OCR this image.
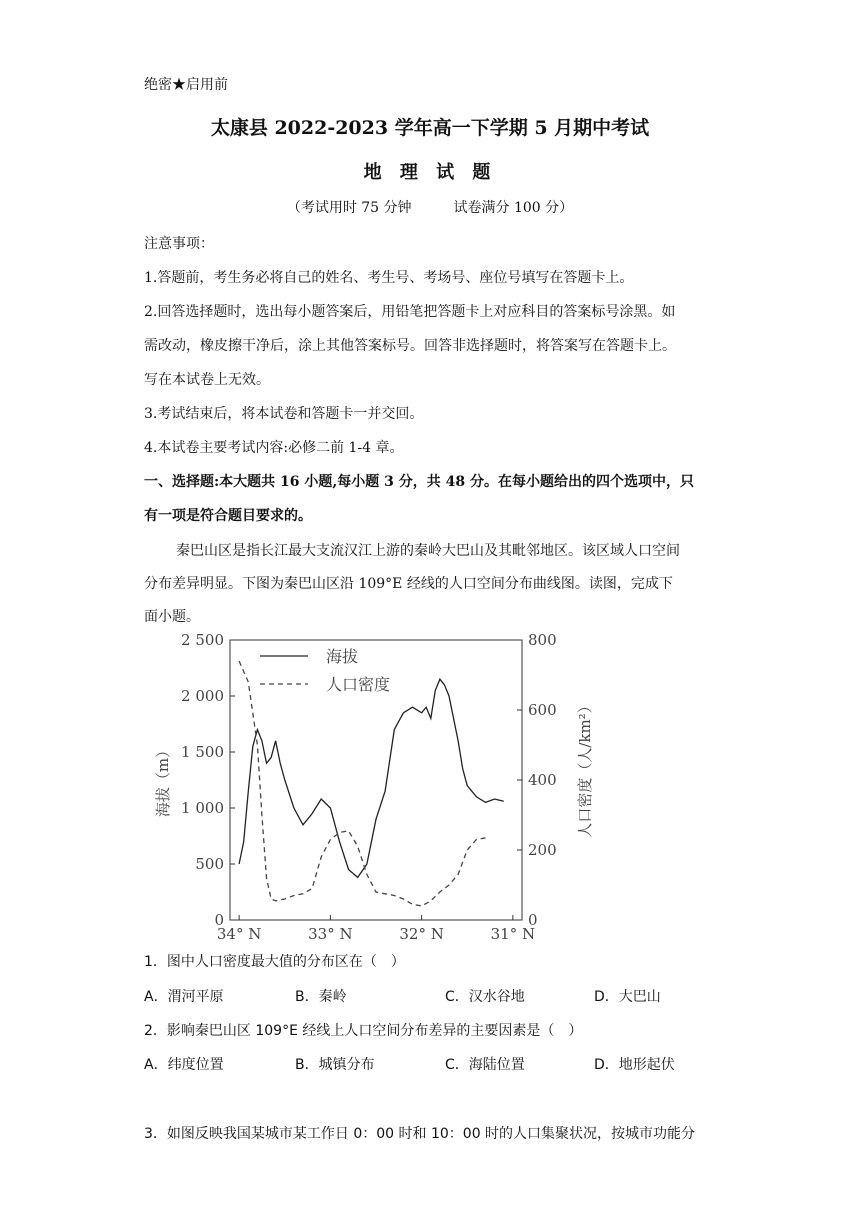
绝密★启用前
太康县 2022-2023 学年高一下学期 5 月期中考试
地 理 试 题
（考试用时 75 分钟　　　试卷满分 100 分）
注意事项：
1.答题前，考生务必将自己的姓名、考生号、考场号、座位号填写在答题卡上。
2.回答选择题时，选出每小题答案后，用铅笔把答题卡上对应科目的答案标号涂黑。如
需改动，橡皮擦干净后，涂上其他答案标号。回答非选择题时，将答案写在答题卡上。
写在本试卷上无效。
3.考试结束后，将本试卷和答题卡一并交回。
4.本试卷主要考试内容:必修二前 1-4 章。
一、选择题:本大题共 16 小题,每小题 3 分，共 48 分。在每小题给出的四个选项中，只
有一项是符合题目要求的。
秦巴山区是指长江最大支流汉江上游的秦岭大巴山及其毗邻地区。该区域人口空间
分布差异明显。下图为秦巴山区沿 109°E 经线的人口空间分布曲线图。读图，完成下
面小题。
2 500
2 000
1 500
1 000
500
0
800
600
400
200
0
34° N	33° N	32° N	31° N
海拔
人口密度
海拔（m）	人口密度（人/km²）
1．图中人口密度最大值的分布区在（　）
A．渭河平原	B．秦岭	C．汉水谷地	D．大巴山
2．影响秦巴山区 109°E 经线上人口空间分布差异的主要因素是（　）
A．纬度位置	B．城镇分布	C．海陆位置	D．地形起伏
3．如图反映我国某城市某工作日 0：00 时和 10：00 时的人口集聚状况，按城市功能分
